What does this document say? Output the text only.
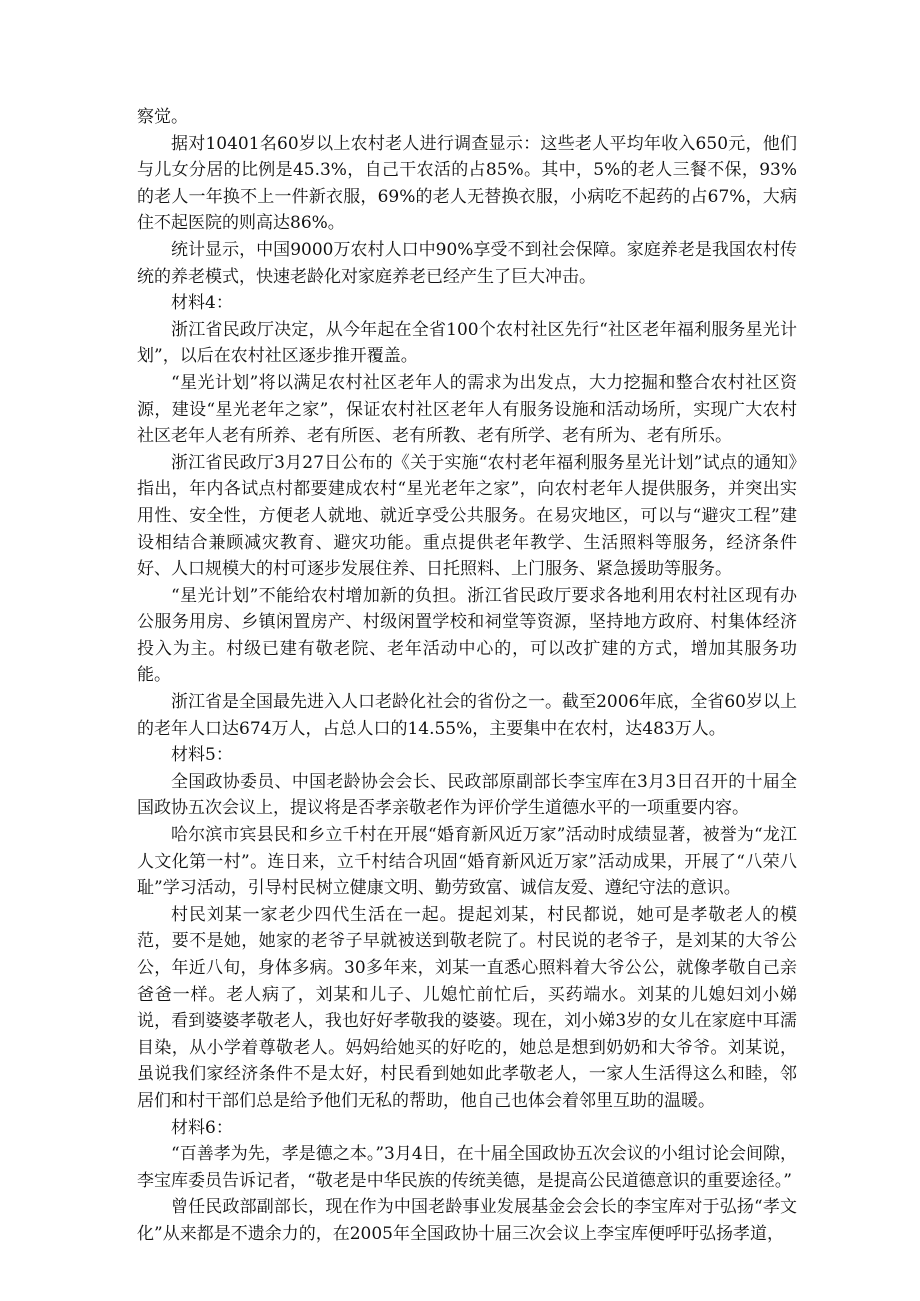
察觉。

据对10401名60岁以上农村老人进行调查显示：这些老人平均年收入650元，他们与儿女分居的比例是45.3%，自己干农活的占85%。其中，5%的老人三餐不保，93%的老人一年换不上一件新衣服，69%的老人无替换衣服，小病吃不起药的占67%，大病住不起医院的则高达86%。

统计显示，中国9000万农村人口中90%享受不到社会保障。家庭养老是我国农村传统的养老模式，快速老龄化对家庭养老已经产生了巨大冲击。

材料4：

浙江省民政厅决定，从今年起在全省100个农村社区先行“社区老年福利服务星光计划”，以后在农村社区逐步推开覆盖。

“星光计划”将以满足农村社区老年人的需求为出发点，大力挖掘和整合农村社区资源，建设“星光老年之家”，保证农村社区老年人有服务设施和活动场所，实现广大农村社区老年人老有所养、老有所医、老有所教、老有所学、老有所为、老有所乐。

浙江省民政厅3月27日公布的《关于实施“农村老年福利服务星光计划”试点的通知》指出，年内各试点村都要建成农村“星光老年之家”，向农村老年人提供服务，并突出实用性、安全性，方便老人就地、就近享受公共服务。在易灾地区，可以与“避灾工程”建设相结合兼顾减灾教育、避灾功能。重点提供老年教学、生活照料等服务，经济条件好、人口规模大的村可逐步发展住养、日托照料、上门服务、紧急援助等服务。

“星光计划”不能给农村增加新的负担。浙江省民政厅要求各地利用农村社区现有办公服务用房、乡镇闲置房产、村级闲置学校和祠堂等资源，坚持地方政府、村集体经济投入为主。村级已建有敬老院、老年活动中心的，可以改扩建的方式，增加其服务功能。

浙江省是全国最先进入人口老龄化社会的省份之一。截至2006年底，全省60岁以上的老年人口达674万人，占总人口的14.55%，主要集中在农村，达483万人。

材料5：

全国政协委员、中国老龄协会会长、民政部原副部长李宝库在3月3日召开的十届全国政协五次会议上，提议将是否孝亲敬老作为评价学生道德水平的一项重要内容。

哈尔滨市宾县民和乡立千村在开展“婚育新风近万家”活动时成绩显著，被誉为“龙江人文化第一村”。连日来，立千村结合巩固“婚育新风近万家”活动成果，开展了“八荣八耻”学习活动，引导村民树立健康文明、勤劳致富、诚信友爱、遵纪守法的意识。

村民刘某一家老少四代生活在一起。提起刘某，村民都说，她可是孝敬老人的模范，要不是她，她家的老爷子早就被送到敬老院了。村民说的老爷子，是刘某的大爷公公，年近八旬，身体多病。30多年来，刘某一直悉心照料着大爷公公，就像孝敬自己亲爸爸一样。老人病了，刘某和儿子、儿媳忙前忙后，买药端水。刘某的儿媳妇刘小娣说，看到婆婆孝敬老人，我也好好孝敬我的婆婆。现在，刘小娣3岁的女儿在家庭中耳濡目染，从小学着尊敬老人。妈妈给她买的好吃的，她总是想到奶奶和大爷爷。刘某说，虽说我们家经济条件不是太好，村民看到她如此孝敬老人，一家人生活得这么和睦，邻居们和村干部们总是给予他们无私的帮助，他自己也体会着邻里互助的温暖。

材料6：

“百善孝为先，孝是德之本。”3月4日，在十届全国政协五次会议的小组讨论会间隙，李宝库委员告诉记者，“敬老是中华民族的传统美德，是提高公民道德意识的重要途径。”

曾任民政部副部长，现在作为中国老龄事业发展基金会会长的李宝库对于弘扬“孝文化”从来都是不遗余力的，在2005年全国政协十届三次会议上李宝库便呼吁弘扬孝道，
